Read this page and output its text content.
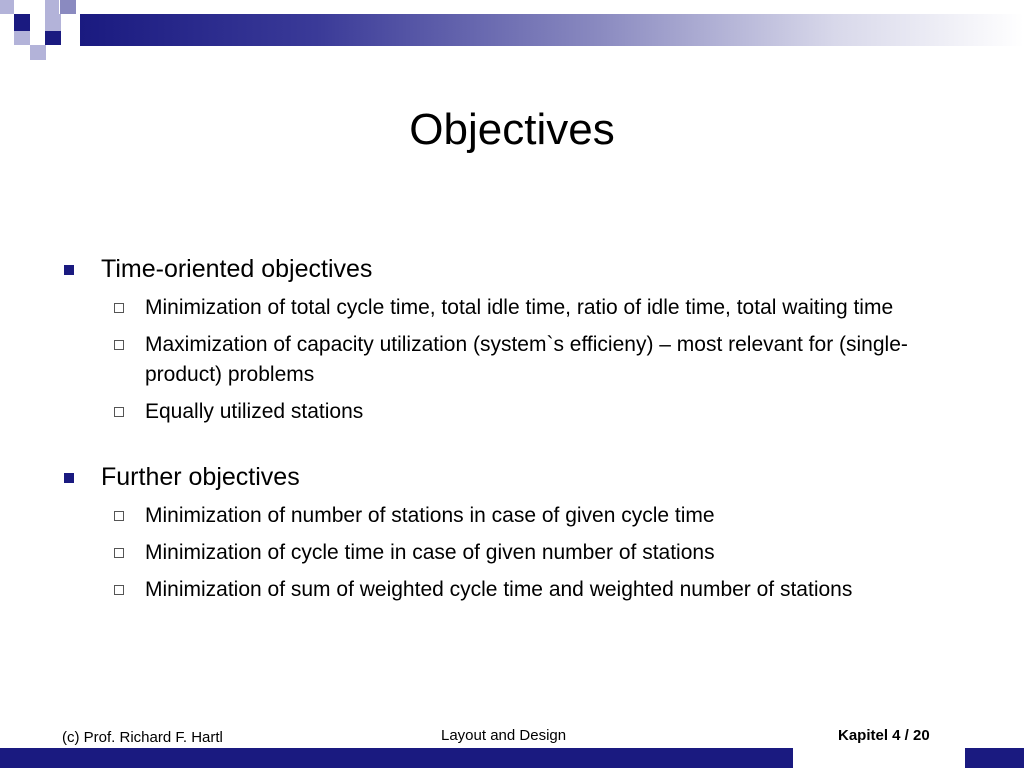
Objectives
Time-oriented objectives
Minimization of total cycle time, total idle time, ratio of idle time, total waiting time
Maximization of capacity utilization (system`s efficieny) – most relevant for (single-product) problems
Equally utilized stations
Further objectives
Minimization of number of stations in case of given cycle time
Minimization of cycle time in case of given number of stations
Minimization of sum of weighted cycle time and weighted number of stations
(c) Prof. Richard F. Hartl	Layout and Design	Kapitel 4 / 20
